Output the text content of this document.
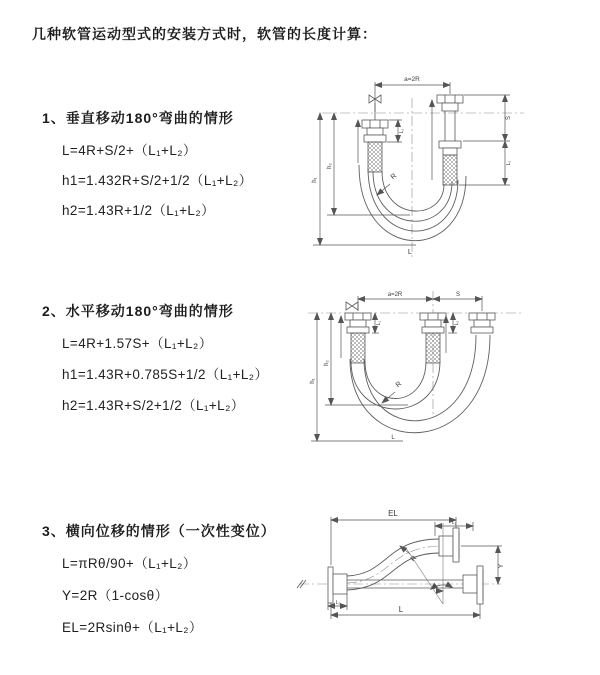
几种软管运动型式的安装方式时，软管的长度计算：
1、垂直移动180°弯曲的情形
L=4R+S/2+（L₁+L₂）
h1=1.432R+S/2+1/2（L₁+L₂）
h2=1.43R+1/2（L₁+L₂）
2、水平移动180°弯曲的情形
L=4R+1.57S+（L₁+L₂）
h1=1.43R+0.785S+1/2（L₁+L₂）
h2=1.43R+S/2+1/2（L₁+L₂）
3、横向位移的情形（一次性变位）
L=πRθ/90+（L₁+L₂）
Y=2R（1-cosθ）
EL=2Rsinθ+（L₁+L₂）
a=2R
h₁
h₂
L₁
S
L₂
R
L
a=2R	S
h₁
h₂
L₁	L₂
R
L
EL
L₁
Y
L
L₂
θ
R
